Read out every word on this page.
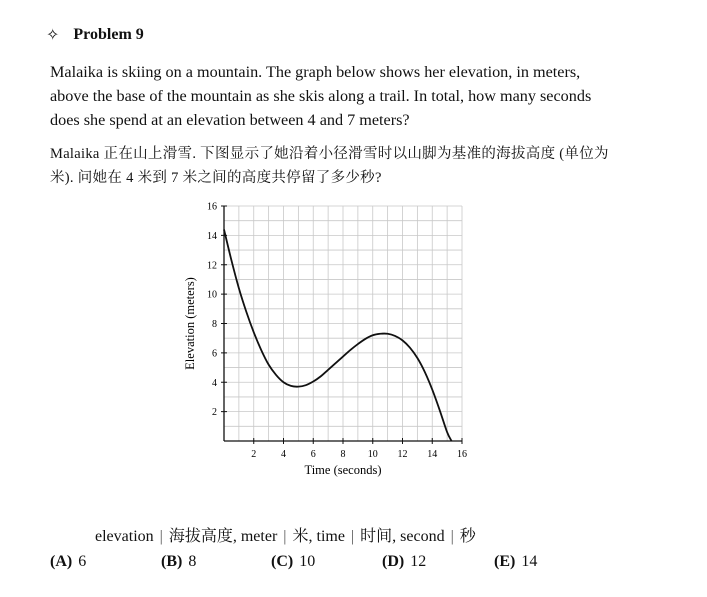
✧ Problem 9
Malaika is skiing on a mountain. The graph below shows her elevation, in meters, above the base of the mountain as she skis along a trail. In total, how many seconds does she spend at an elevation between 4 and 7 meters?
Malaika 正在山上滑雪. 下图显示了她沿着小径滑雪时以山脚为基准的海拔高度 (单位为米). 问她在 4 米到 7 米之间的高度共停留了多少秒?
2 4 6 8 10 12 14 16
2
4
6
8
10
12
14
16
Time (seconds)
Elevation (meters)
elevation | 海拔高度, meter | 米, time | 时间, second | 秒
(A) 6	(B) 8	(C) 10	(D) 12	(E) 14
